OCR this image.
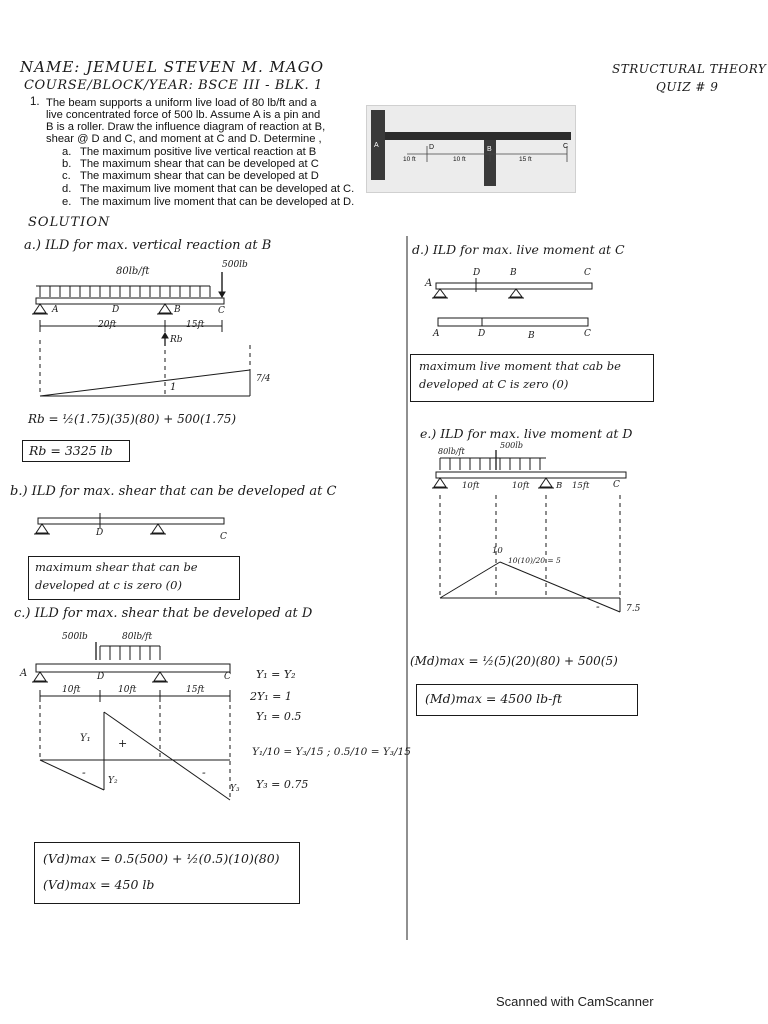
NAME: JEMUEL STEVEN M. MAGO
COURSE/BLOCK/YEAR: BSCE III - BLK. 1
STRUCTURAL THEORY
QUIZ # 9
1. The beam supports a uniform live load of 80 lb/ft and a
live concentrated force of 500 lb. Assume A is a pin and
B is a roller. Draw the influence diagram of reaction at B,
shear @ D and C, and moment at C and D. Determine ,
a. The maximum positive live vertical reaction at B
b. The maximum shear that can be developed at C
c. The maximum shear that can be developed at D
d. The maximum live moment that can be developed at C.
e. The maximum live moment that can be developed at D.
A	D	B	C
10 ft	10 ft	15 ft
SOLUTION
a.) ILD for max. vertical reaction at B
80lb/ft
500lb
A	D	B	C
20ft	15ft
Rb
1
7/4
Rb = ½(1.75)(35)(80) + 500(1.75)
Rb = 3325 lb
b.) ILD for max. shear that can be developed at C
D	C
maximum shear that can be
developed at c is zero (0)
c.) ILD for max. shear that be developed at D
500lb	80lb/ft
A	D	C
10ft	10ft	15ft
Y₁ +
-
Y₂
-
Y₃
Y₁ = Y₂
2Y₁ = 1
Y₁ = 0.5
Y₁/10 = Y₃/15 ; 0.5/10 = Y₃/15
Y₃ = 0.75
(Vd)max = 0.5(500) + ½(0.5)(10)(80)
(Vd)max = 450 lb
d.) ILD for max. live moment at C
A
D	B	C
A	D	B	C
maximum live moment that cab be
developed at C is zero (0)
e.) ILD for max. live moment at D
80lb/ft
500lb
10ft	10ft	B 15ft	C
10
10(10)/20 = 5
-	7.5
(Md)max = ½(5)(20)(80) + 500(5)
(Md)max = 4500 lb-ft
Scanned with CamScanner
